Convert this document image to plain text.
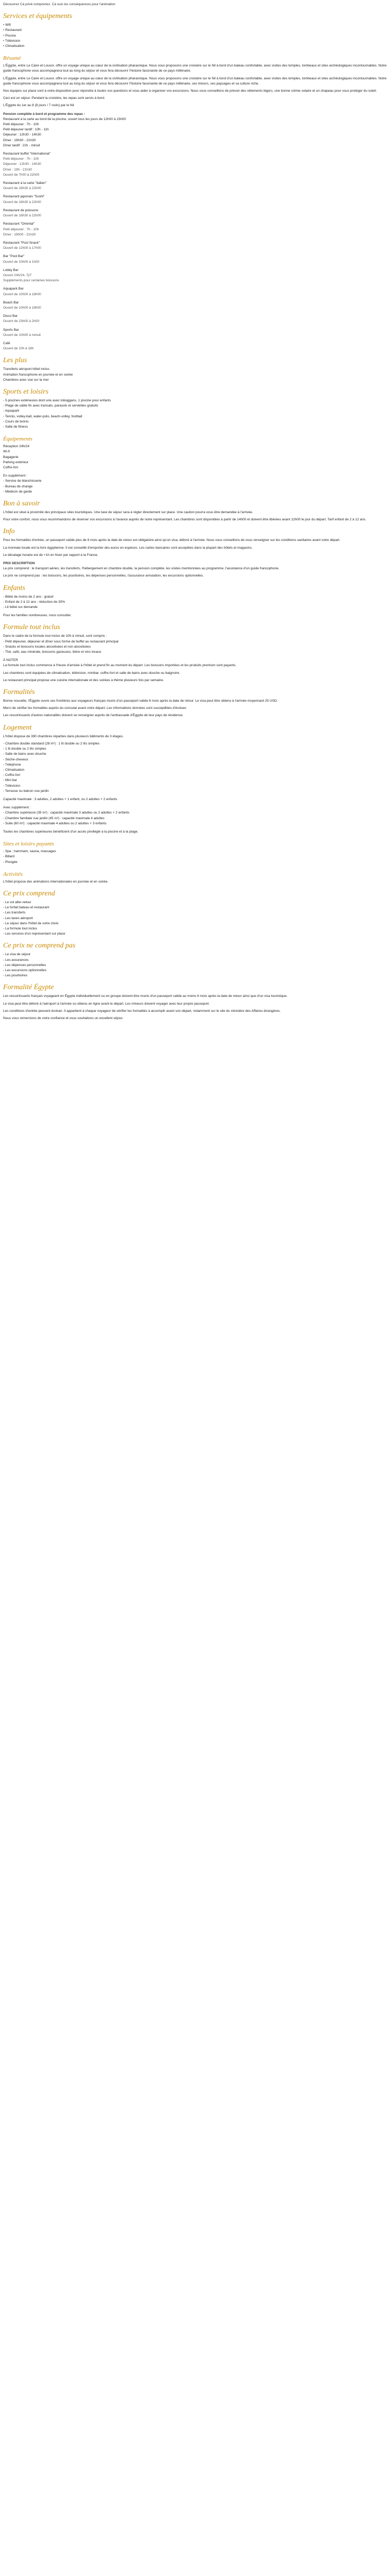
Découvrez Cà privé comprenez. Cà suis les conséquences pour l'animation
Services et équipements
• Wifi
• Restaurant
• Piscine
• Télévision
• Climatisation
Résumé
L'Égypte, entre Le Caire et Louxor, offre un voyage unique au cœur de la civilisation pharaonique. Nous vous proposons une croisière sur le Nil à bord d'un bateau confortable, avec visites des temples, tombeaux et sites archéologiques incontournables. Notre guide francophone vous accompagnera tout au long du séjour et vous fera découvrir l'histoire fascinante de ce pays millénaire.
L'Égypte, entre Le Caire et Louxor, offre un voyage unique au cœur de la civilisation pharaonique. Nous vous proposons une croisière sur le Nil à bord d'un bateau confortable, avec visites des temples, tombeaux et sites archéologiques incontournables. Notre guide francophone vous accompagnera tout au long du séjour et vous fera découvrir l'histoire fascinante de ce pays millénaire, ses trésors, ses paysages et sa culture riche.
Nos équipes sur place sont à votre disposition pour répondre à toutes vos questions et vous aider à organiser vos excursions. Nous vous conseillons de prévoir des vêtements légers, une bonne crème solaire et un chapeau pour vous protéger du soleil.
Ceci est un séjour. Pendant la croisière, les repas sont servis à bord.
L'Égypte du 1er au 8 (8 jours / 7 nuits) par le Nil
Pension complète à bord et programme des repas :
Restaurant à la carte au bord de la piscine, ouvert tous les jours de 12h00 à 15h00
Petit déjeuner : 7h - 10h
Petit déjeuner tardif : 10h - 11h
Déjeuner : 12h30 - 14h30
Dîner : 19h30 - 21h30
Dîner tardif : 21h - minuit
Restaurant buffet "International"
Petit déjeuner : 7h - 10h
Déjeuner : 12h30 - 14h30
Dîner : 19h - 21h30
Ouvert de 7h00 à 22h00
Restaurant à la carte "Italien"
Ouvert de 18h30 à 22h00
Restaurant japonais "Sushi"
Ouvert de 18h30 à 22h00
Restaurant de poissons
Ouvert de 18h30 à 22h00
Restaurant "Oriental"
Petit déjeuner : 7h - 10h
Dîner : 19h00 - 21h30
Restaurant "Pool Snack"
Ouvert de 12h00 à 17h00
Bar "Pool Bar"
Ouvert de 10h00 à 1h00
Lobby Bar
Ouvert 24h/24, 7j/7
Suppléments pour certaines boissons
Aquapark Bar
Ouvert de 10h00 à 18h00
Beach Bar
Ouvert de 10h00 à 18h00
Disco Bar
Ouvert de 23h00 à 2h00
Sports Bar
Ouvert de 10h00 à minuit
Café
Ouvert de 10h à 18h
Les plus
Transferts aéroport-hôtel inclus
Animation francophone en journée et en soirée
Chambres avec vue sur la mer
Sports et loisirs
- 5 piscines extérieures dont une avec toboggans, 1 piscine pour enfants
- Plage de sable fin avec transats, parasols et serviettes gratuits
- Aquapark
- Tennis, volley-ball, water-polo, beach-volley, football
- Cours de tennis
- Salle de fitness
Équipements
Réception 24h/24
Wi-fi
Bagagerie
Parking extérieur
Coffre-fort
En supplément :
- Service de blanchisserie
- Bureau de change
- Médecin de garde
Bon à savoir
L'hôtel est situé à proximité des principaux sites touristiques. Une taxe de séjour sera à régler directement sur place. Une caution pourra vous être demandée à l'arrivée.
Pour votre confort, nous vous recommandons de réserver vos excursions à l'avance auprès de notre représentant. Les chambres sont disponibles à partir de 14h00 et doivent être libérées avant 12h00 le jour du départ. Tarif enfant de 2 à 12 ans.
Info
Pour les formalités d'entrée, un passeport valide plus de 6 mois après la date de retour est obligatoire ainsi qu'un visa, délivré à l'arrivée. Nous vous conseillons de vous renseigner sur les conditions sanitaires avant votre départ.
La monnaie locale est la livre égyptienne. Il est conseillé d'emporter des euros en espèces. Les cartes bancaires sont acceptées dans la plupart des hôtels et magasins.
Le décalage horaire est de +1h en hiver par rapport à la France.
PRIX DESCRIPTION
Le prix comprend : le transport aérien, les transferts, l'hébergement en chambre double, la pension complète, les visites mentionnées au programme, l'assistance d'un guide francophone.
Le prix ne comprend pas : les boissons, les pourboires, les dépenses personnelles, l'assurance annulation, les excursions optionnelles.
Enfants
- Bébé de moins de 2 ans : gratuit
- Enfant de 2 à 12 ans : réduction de 30%
- Lit bébé sur demande
Pour les familles nombreuses, nous consulter.
Formule tout inclus
Dans le cadre de la formule tout inclus de 10h à minuit, sont compris :
- Petit déjeuner, déjeuner et dîner sous forme de buffet au restaurant principal
- Snacks et boissons locales alcoolisées et non alcoolisées
- Thé, café, eau minérale, boissons gazeuses, bière et vins locaux
À NOTER
La formule tout inclus commence à l'heure d'arrivée à l'hôtel et prend fin au moment du départ. Les boissons importées et les produits premium sont payants.
Les chambres sont équipées de climatisation, télévision, minibar, coffre-fort et salle de bains avec douche ou baignoire.
Le restaurant principal propose une cuisine internationale et des soirées à thème plusieurs fois par semaine.
Formalités
Bonne nouvelle, l'Égypte ouvre ses frontières aux voyageurs français munis d'un passeport valide 6 mois après la date de retour. Le visa peut être obtenu à l'arrivée moyennant 25 USD.
Merci de vérifier les formalités auprès du consulat avant votre départ. Les informations données sont susceptibles d'évoluer.
Les ressortissants d'autres nationalités doivent se renseigner auprès de l'ambassade d'Égypte de leur pays de résidence.
Logement
L'hôtel dispose de 390 chambres réparties dans plusieurs bâtiments de 3 étages.
- Chambre double standard (28 m²) : 1 lit double ou 2 lits simples
- 1 lit double ou 2 lits simples
- Salle de bains avec douche
- Sèche-cheveux
- Téléphone
- Climatisation
- Coffre-fort
- Mini bar
- Télévision
- Terrasse ou balcon vue jardin
Capacité maximale : 3 adultes, 2 adultes + 1 enfant, ou 2 adultes + 2 enfants
Avec supplément :
- Chambre supérieure (35 m²) : capacité maximale 3 adultes ou 2 adultes + 2 enfants
- Chambre familiale vue jardin (45 m²) : capacité maximale 4 adultes
- Suite (60 m²) : capacité maximale 4 adultes ou 2 adultes + 3 enfants
Toutes les chambres supérieures bénéficient d'un accès privilégié à la piscine et à la plage.
Sites et loisirs payants
- Spa : hammam, sauna, massages
- Billard
- Plongée
Activités
L'hôtel propose des animations internationales en journée et en soirée.
Ce prix comprend
- Le vol aller-retour
- Le forfait bateau et restaurant
- Les transferts
- Les taxes aéroport
- Le séjour dans l'hôtel de votre choix
- La formule tout inclus
- Les services d'un représentant sur place
Ce prix ne comprend pas
- Le visa de séjour
- Les assurances
- Les dépenses personnelles
- Les excursions optionnelles
- Les pourboires
Formalité Égypte
Les ressortissants français voyageant en Égypte individuellement ou en groupe doivent être munis d'un passeport valide au moins 6 mois après la date de retour ainsi que d'un visa touristique.
Le visa peut être délivré à l'aéroport à l'arrivée ou obtenu en ligne avant le départ. Les mineurs doivent voyager avec leur propre passeport.
Les conditions d'entrée peuvent évoluer. Il appartient à chaque voyageur de vérifier les formalités à accomplir avant son départ, notamment sur le site du ministère des Affaires étrangères.
Nous vous remercions de votre confiance et vous souhaitons un excellent séjour.
